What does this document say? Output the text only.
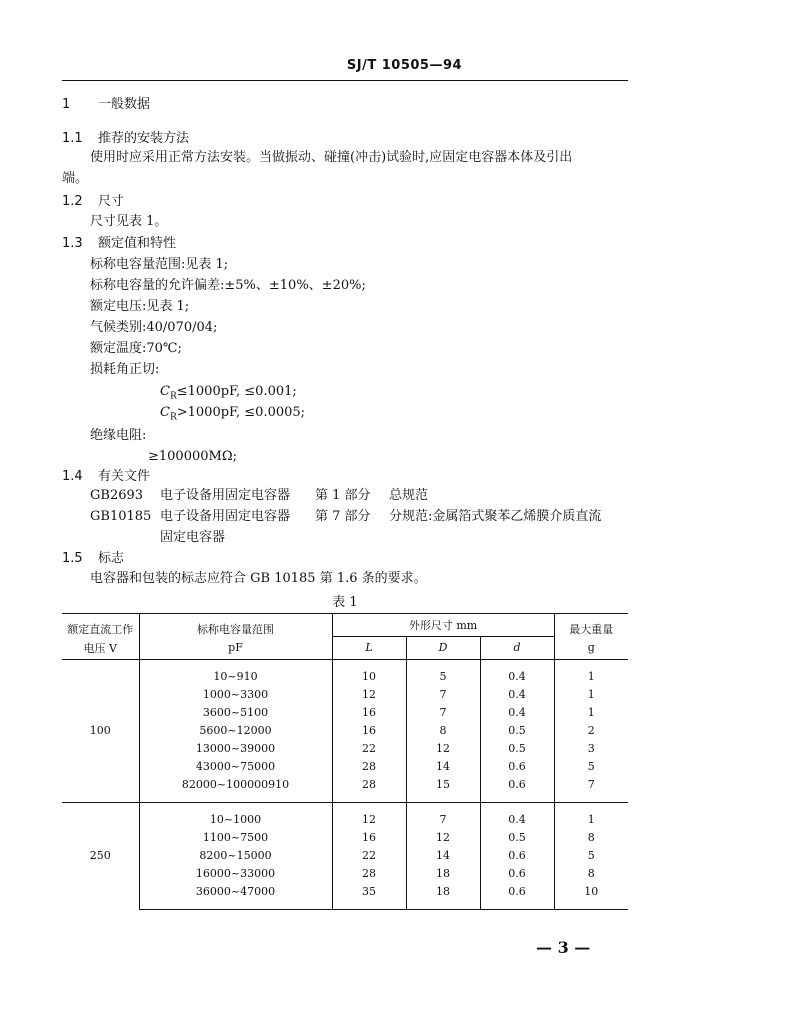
SJ/T 10505—94
1 一般数据
1.1 推荐的安装方法
使用时应采用正常方法安装。当做振动、碰撞(冲击)试验时,应固定电容器本体及引出
端。
1.2 尺寸
尺寸见表 1。
1.3 额定值和特性
标称电容量范围:见表 1;
标称电容量的允许偏差:±5%、±10%、±20%;
额定电压:见表 1;
气候类别:40/070/04;
额定温度:70℃;
损耗角正切:
$C_R\le 1000pF$, ≤0.001;
$C_R>1000pF$, ≤0.0005;
绝缘电阻:
≥100000MΩ;
1.4 有关文件
GB2693 电子设备用固定电容器 第 1 部分 总规范
GB10185 电子设备用固定电容器 第 7 部分 分规范:金属箔式聚苯乙烯膜介质直流
固定电容器
1.5 标志
电容器和包装的标志应符合 GB 10185 第 1.6 条的要求。
表 1
额定直流工作	标称电容量范围	外形尺寸 mm			最大重量

电压 V	pF	L	D	d	g
100	10~910	10	5	0.4	1
	1000~3300	12	7	0.4	1
	3600~5100	16	7	0.4	1
	5600~12000	16	8	0.5	2
	13000~39000	22	12	0.5	3
	43000~75000	28	14	0.6	5
	82000~100000910	28	15	0.6	7
250	10~1000	12	7	0.4	1
	1100~7500	16	12	0.5	8
	8200~15000	22	14	0.6	5
	16000~33000	28	18	0.6	8
	36000~47000	35	18	0.6	10
— 3 —
